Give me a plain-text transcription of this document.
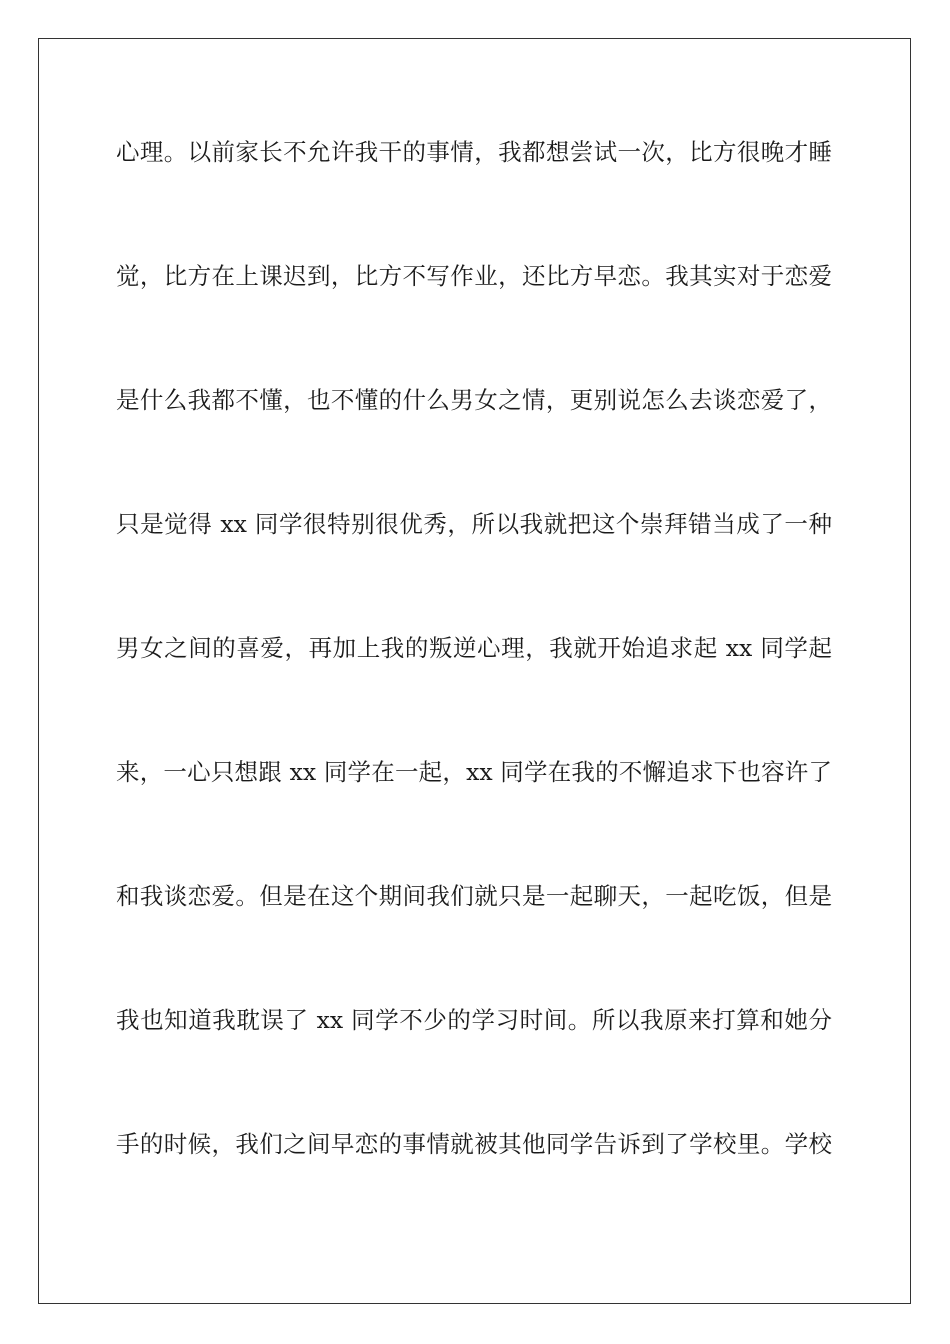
心理。以前家长不允许我干的事情，我都想尝试一次，比方很晚才睡
觉，比方在上课迟到，比方不写作业，还比方早恋。我其实对于恋爱
是什么我都不懂，也不懂的什么男女之情，更别说怎么去谈恋爱了，
只是觉得 xx 同学很特别很优秀，所以我就把这个崇拜错当成了一种
男女之间的喜爱，再加上我的叛逆心理，我就开始追求起 xx 同学起
来，一心只想跟 xx 同学在一起，xx 同学在我的不懈追求下也容许了
和我谈恋爱。但是在这个期间我们就只是一起聊天，一起吃饭，但是
我也知道我耽误了 xx 同学不少的学习时间。所以我原来打算和她分
手的时候，我们之间早恋的事情就被其他同学告诉到了学校里。学校
